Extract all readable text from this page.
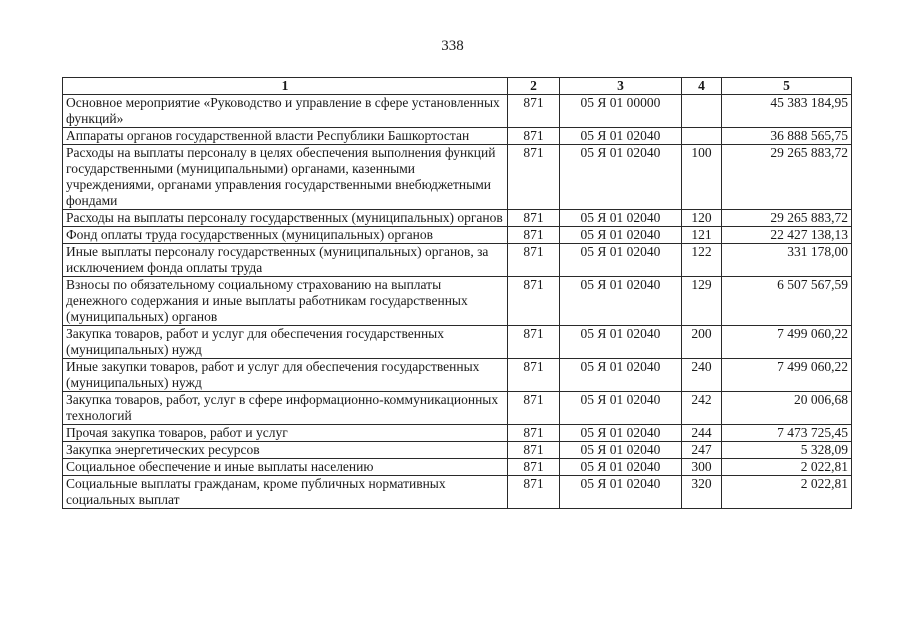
338
1	2	3	4	5
Основное мероприятие «Руководство и управление в сфере установленных функций»	871	05 Я 01 00000		45 383 184,95
Аппараты органов государственной власти Республики Башкортостан	871	05 Я 01 02040		36 888 565,75
Расходы на выплаты персоналу в целях обеспечения выполнения функций государственными (муниципальными) органами, казенными учреждениями, органами управления государственными внебюджетными фондами	871	05 Я 01 02040	100	29 265 883,72
Расходы на выплаты персоналу государственных (муниципальных) органов	871	05 Я 01 02040	120	29 265 883,72
Фонд оплаты труда государственных (муниципальных) органов	871	05 Я 01 02040	121	22 427 138,13
Иные выплаты персоналу государственных (муниципальных) органов, за исключением фонда оплаты труда	871	05 Я 01 02040	122	331 178,00
Взносы по обязательному социальному страхованию на выплаты денежного содержания и иные выплаты работникам государственных (муниципальных) органов	871	05 Я 01 02040	129	6 507 567,59
Закупка товаров, работ и услуг для обеспечения государственных (муниципальных) нужд	871	05 Я 01 02040	200	7 499 060,22
Иные закупки товаров, работ и услуг для обеспечения государственных (муниципальных) нужд	871	05 Я 01 02040	240	7 499 060,22
Закупка товаров, работ, услуг в сфере информационно-коммуникационных технологий	871	05 Я 01 02040	242	20 006,68
Прочая закупка товаров, работ и услуг	871	05 Я 01 02040	244	7 473 725,45
Закупка энергетических ресурсов	871	05 Я 01 02040	247	5 328,09
Социальное обеспечение и иные выплаты населению	871	05 Я 01 02040	300	2 022,81
Социальные выплаты гражданам, кроме публичных нормативных социальных выплат	871	05 Я 01 02040	320	2 022,81
